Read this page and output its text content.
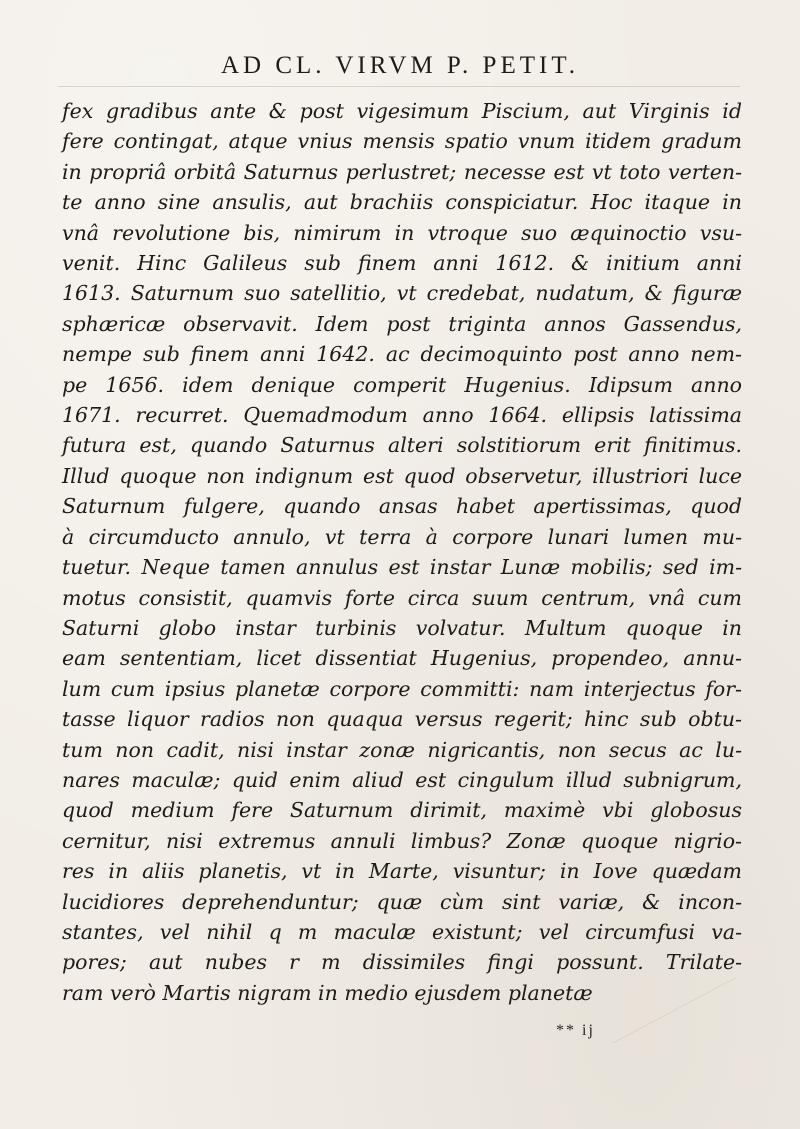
AD CL. VIRVM P. PETIT.
fex gradibus ante & post vigesimum Piscium, aut Virginis id
fere contingat, atque vnius mensis spatio vnum itidem gradum
in propriâ orbitâ Saturnus perlustret; necesse est vt toto verten-
te anno sine ansulis, aut brachiis conspiciatur. Hoc itaque in
vnâ revolutione bis, nimirum in vtroque suo æquinoctio vsu-
venit. Hinc Galileus sub finem anni 1612. & initium anni
1613. Saturnum suo satellitio, vt credebat, nudatum, & figuræ
sphæricæ observavit. Idem post triginta annos Gassendus,
nempe sub finem anni 1642. ac decimoquinto post anno nem-
pe 1656. idem denique comperit Hugenius. Idipsum anno
1671. recurret. Quemadmodum anno 1664. ellipsis latissima
futura est, quando Saturnus alteri solstitiorum erit finitimus.
Illud quoque non indignum est quod observetur, illustriori luce
Saturnum fulgere, quando ansas habet apertissimas, quod
à circumducto annulo, vt terra à corpore lunari lumen mu-
tuetur. Neque tamen annulus est instar Lunæ mobilis; sed im-
motus consistit, quamvis forte circa suum centrum, vnâ cum
Saturni globo instar turbinis volvatur. Multum quoque in
eam sententiam, licet dissentiat Hugenius, propendeo, annu-
lum cum ipsius planetæ corpore committi: nam interjectus for-
tasse liquor radios non quaqua versus regerit; hinc sub obtu-
tum non cadit, nisi instar zonæ nigricantis, non secus ac lu-
nares maculæ; quid enim aliud est cingulum illud subnigrum,
quod medium fere Saturnum dirimit, maximè vbi globosus
cernitur, nisi extremus annuli limbus? Zonæ quoque nigrio-
res in aliis planetis, vt in Marte, visuntur; in Iove quædam
lucidiores deprehenduntur; quæ cùm sint variæ, & incon-
stantes, vel nihil q m maculæ existunt; vel circumfusi va-
pores; aut nubes r m dissimiles fingi possunt. Trilate-
ram verò Martis nigram in medio ejusdem planetæ
** ij
